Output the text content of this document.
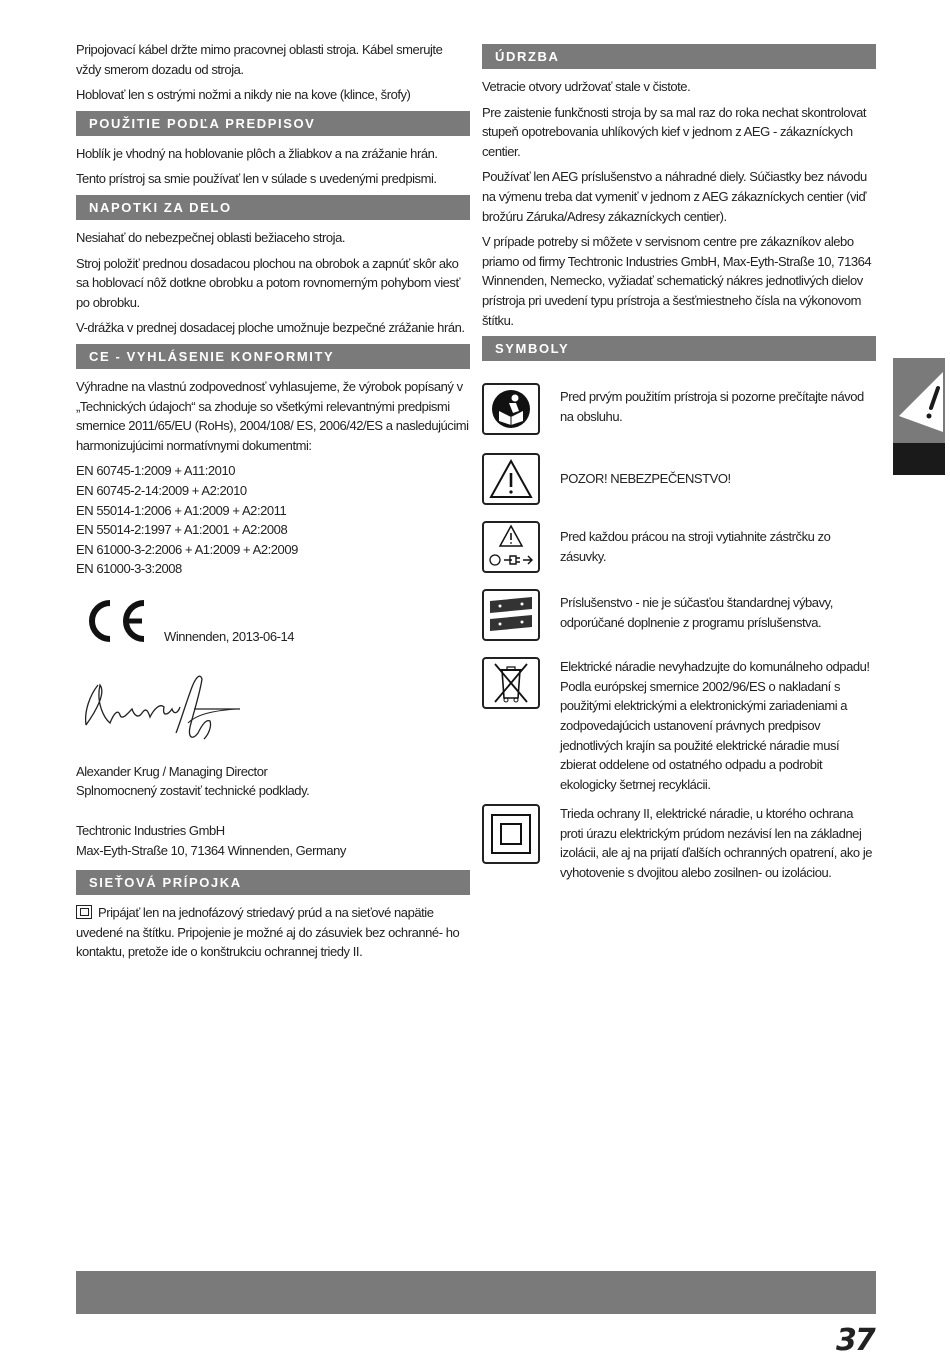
Pripojovací kábel držte mimo pracovnej oblasti stroja. Kábel smerujte vždy smerom dozadu od stroja.

Hoblovať len s ostrými nožmi a nikdy nie na kove (klince, šrofy)

POUŽITIE PODĽA PREDPISOV

Hoblík je vhodný na hoblovanie plôch a žliabkov a na zrážanie hrán.

Tento prístroj sa smie používať len v súlade s uvedenými predpismi.

NAPOTKI ZA DELO

Nesiahať do nebezpečnej oblasti bežiaceho stroja.

Stroj položiť prednou dosadacou plochou na obrobok a zapnúť skôr ako sa hoblovací nôž dotkne obrobku a potom rovnomerným pohybom viesť po obrobku.

V-drážka v prednej dosadacej ploche umožnuje bezpečné zrážanie hrán.

CE - VYHLÁSENIE KONFORMITY

Výhradne na vlastnú zodpovednosť vyhlasujeme, že výrobok popísaný v „Technických údajoch“ sa zhoduje so všetkými relevantnými predpismi smernice 2011/65/EU (RoHs), 2004/108/ ES, 2006/42/ES a nasledujúcimi harmonizujúcimi normatívnymi dokumentmi:

EN 60745-1:2009 + A11:2010
EN 60745-2-14:2009 + A2:2010
EN 55014-1:2006 + A1:2009 + A2:2011
EN 55014-2:1997 + A1:2001 + A2:2008
EN 61000-3-2:2006 + A1:2009 + A2:2009
EN 61000-3-3:2008
Winnenden, 2013-06-14
Alexander Krug / Managing Director
Splnomocnený zostaviť technické podklady.
Techtronic Industries GmbH
Max-Eyth-Straße 10, 71364 Winnenden, Germany
SIEŤOVÁ PRÍPOJKA

Pripájať len na jednofázový striedavý prúd a na sieťové napätie uvedené na štítku. Pripojenie je možné aj do zásuviek bez ochranné- ho kontaktu, pretože ide o konštrukciu ochrannej triedy II.

ÚDRZBA

Vetracie otvory udržovať stale v čistote.

Pre zaistenie funkčnosti stroja by sa mal raz do roka nechat skontrolovat stupeň opotrebovania uhlíkových kief v jednom z AEG - zákazníckych centier.

Používať len AEG príslušenstvo a náhradné diely. Súčiastky bez návodu na výmenu treba dat vymeniť v jednom z AEG zákazníckych centier (viď brožúru Záruka/Adresy zákazníckych centier).

V prípade potreby si môžete v servisnom centre pre zákazníkov alebo priamo od firmy Techtronic Industries GmbH, Max-Eyth-Straße 10, 71364 Winnenden, Nemecko, vyžiadať schematický nákres jednotlivých dielov prístroja pri uvedení typu prístroja a šesťmiestneho čísla na výkonovom štítku.

SYMBOLY
Pred prvým použitím prístroja si pozorne prečítajte návod na obsluhu.
POZOR! NEBEZPEČENSTVO!
Pred každou prácou na stroji vytiahnite zástrčku zo zásuvky.
Príslušenstvo - nie je súčasťou štandardnej výbavy, odporúčané doplnenie z programu príslušenstva.
Elektrické náradie nevyhadzujte do komunálneho odpadu! Podla európskej smernice 2002/96/ES o nakladaní s použitými elektrickými a elektronickými zariadeniami a zodpovedajúcich ustanovení právnych predpisov jednotlivých krajín sa použité elektrické náradie musí zbierat oddelene od ostatného odpadu a podrobit ekologicky šetrnej recyklácii.
Trieda ochrany II, elektrické náradie, u ktorého ochrana proti úrazu elektrickým prúdom nezávisí len na základnej izolácii, ale aj na prijatí ďalších ochranných opatrení, ako je vyhotovenie s dvojitou alebo zosilnen- ou izoláciou.
37
